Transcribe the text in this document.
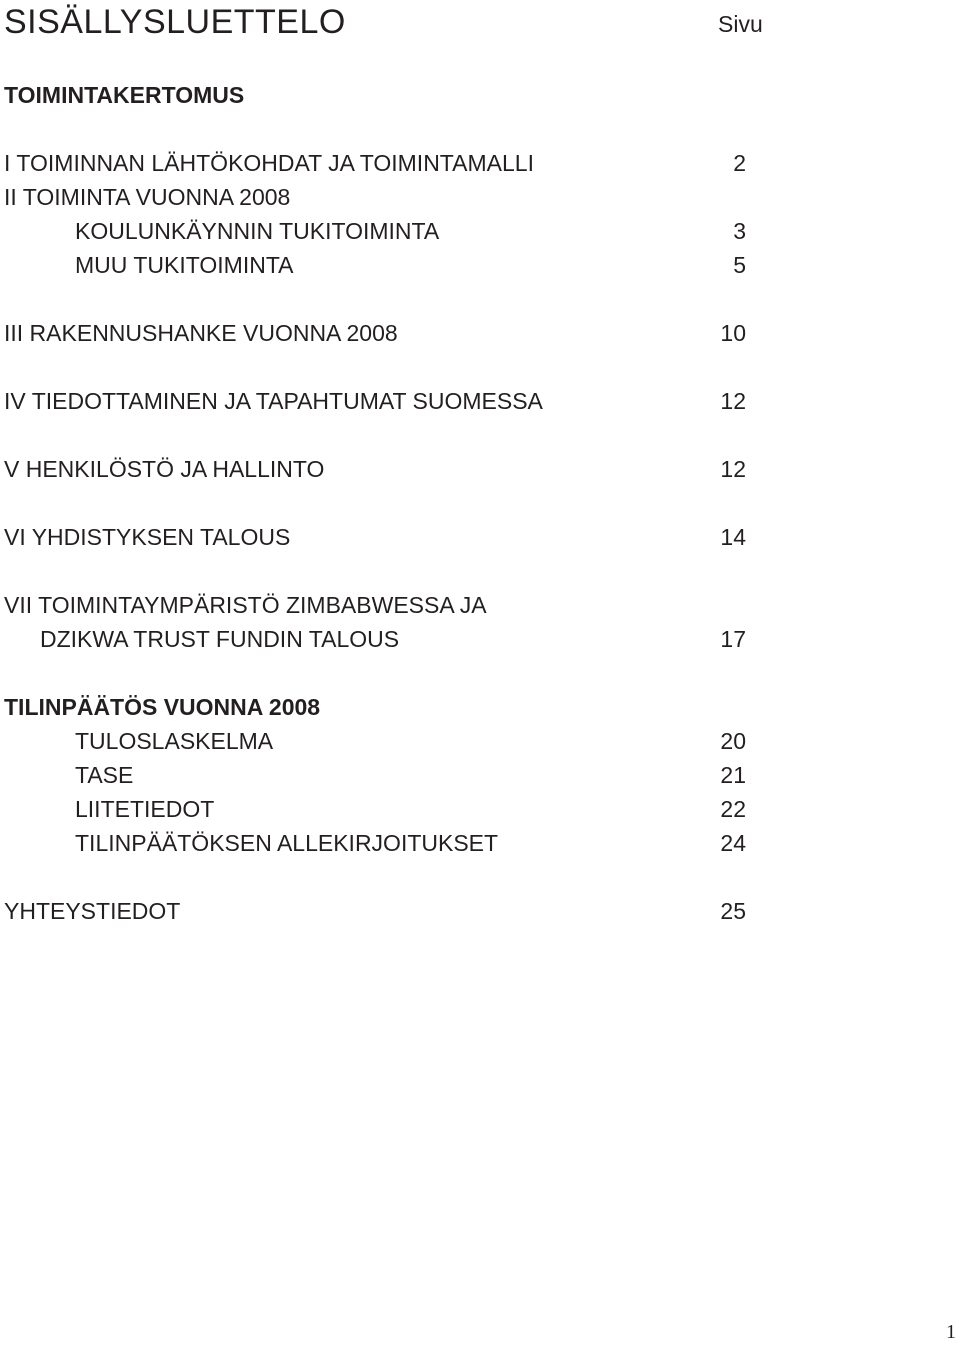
SISÄLLYSLUETTELO	Sivu
TOIMINTAKERTOMUS
I TOIMINNAN LÄHTÖKOHDAT JA TOIMINTAMALLI	2
II TOIMINTA VUONNA 2008
KOULUNKÄYNNIN TUKITOIMINTA	3
MUU TUKITOIMINTA	5
III RAKENNUSHANKE VUONNA 2008	10
IV TIEDOTTAMINEN JA TAPAHTUMAT SUOMESSA	12
V HENKILÖSTÖ JA HALLINTO	12
VI YHDISTYKSEN TALOUS	14
VII TOIMINTAYMPÄRISTÖ ZIMBABWESSA JA
DZIKWA TRUST FUNDIN TALOUS	17
TILINPÄÄTÖS VUONNA 2008
TULOSLASKELMA	20
TASE	21
LIITETIEDOT	22
TILINPÄÄTÖKSEN ALLEKIRJOITUKSET	24
YHTEYSTIEDOT	25
1
